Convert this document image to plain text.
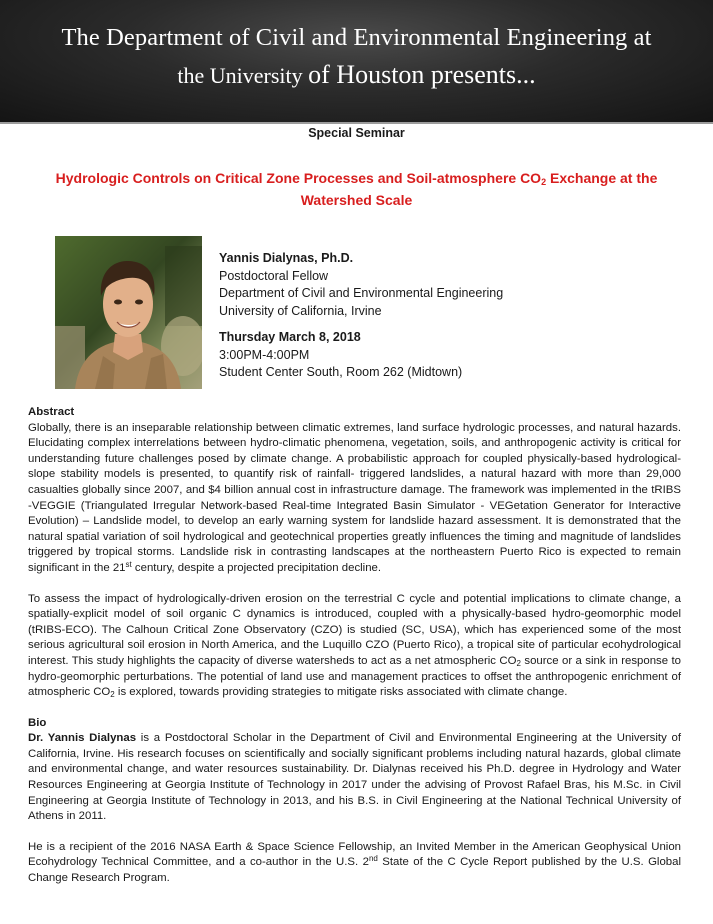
The Department of Civil and Environmental Engineering at
the University of Houston presents...
Special Seminar
Hydrologic Controls on Critical Zone Processes and Soil-atmosphere $CO_2$ Exchange at the
Watershed Scale
Yannis Dialynas, Ph.D.
Postdoctoral Fellow
Department of Civil and Environmental Engineering
University of California, Irvine
Thursday March 8, 2018
3:00PM-4:00PM
Student Center South, Room 262 (Midtown)

Abstract

Globally, there is an inseparable relationship between climatic extremes, land surface hydrologic processes, and natural hazards. Elucidating complex interrelations between hydro-climatic phenomena, vegetation, soils, and anthropogenic activity is critical for understanding future challenges posed by climate change. A probabilistic approach for coupled physically-based hydrological-slope stability models is presented, to quantify risk of rainfall- triggered landslides, a natural hazard with more than 29,000 casualties globally since 2007, and $4 billion annual cost in infrastructure damage. The framework was implemented in the tRIBS -VEGGIE (Triangulated Irregular Network-based Real-time Integrated Basin Simulator - VEGetation Generator for Interactive Evolution) – Landslide model, to develop an early warning system for landslide hazard assessment. It is demonstrated that the natural spatial variation of soil hydrological and geotechnical properties greatly influences the timing and magnitude of landslides triggered by tropical storms. Landslide risk in contrasting landscapes at the northeastern Puerto Rico is expected to remain significant in the 21st century, despite a projected precipitation decline.

To assess the impact of hydrologically-driven erosion on the terrestrial C cycle and potential implications to climate change, a spatially-explicit model of soil organic C dynamics is introduced, coupled with a physically-based hydro-geomorphic model (tRIBS-ECO). The Calhoun Critical Zone Observatory (CZO) is studied (SC, USA), which has experienced some of the most serious agricultural soil erosion in North America, and the Luquillo CZO (Puerto Rico), a tropical site of particular ecohydrological interest. This study highlights the capacity of diverse watersheds to act as a net atmospheric $CO_2$ source or a sink in response to hydro-geomorphic perturbations. The potential of land use and management practices to offset the anthropogenic enrichment of atmospheric $CO_2$ is explored, towards providing strategies to mitigate risks associated with climate change.

Bio

Dr. Yannis Dialynas is a Postdoctoral Scholar in the Department of Civil and Environmental Engineering at the University of California, Irvine. His research focuses on scientifically and socially significant problems including natural hazards, global climate and environmental change, and water resources sustainability. Dr. Dialynas received his Ph.D. degree in Hydrology and Water Resources Engineering at Georgia Institute of Technology in 2017 under the advising of Provost Rafael Bras, his M.Sc. in Civil Engineering at Georgia Institute of Technology in 2013, and his B.S. in Civil Engineering at the National Technical University of Athens in 2011.

He is a recipient of the 2016 NASA Earth & Space Science Fellowship, an Invited Member in the American Geophysical Union Ecohydrology Technical Committee, and a co-author in the U.S. 2nd State of the C Cycle Report published by the U.S. Global Change Research Program.
